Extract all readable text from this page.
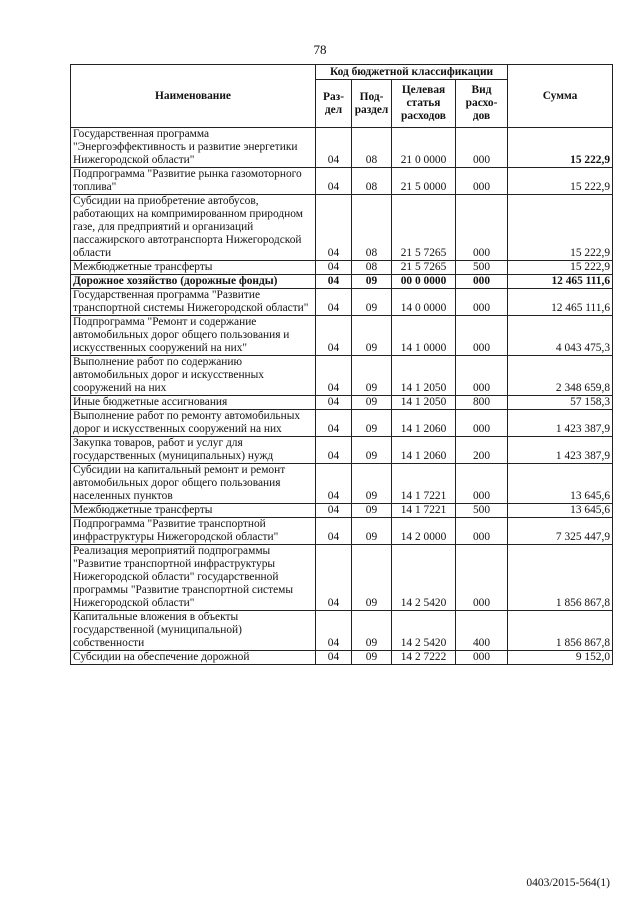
78
Наименование	Код бюджетной классификации				Сумма
	Раз-дел	Под-раздел	Целевая статья расходов	Вид расхо-дов	
Государственная программа "Энергоэффективность и развитие энергетики Нижегородской области"	04	08	21 0 0000	000	15 222,9
Подпрограмма "Развитие рынка газомоторного топлива"	04	08	21 5 0000	000	15 222,9
Субсидии на приобретение автобусов, работающих на компримированном природном газе, для предприятий и организаций пассажирского автотранспорта Нижегородской области	04	08	21 5 7265	000	15 222,9
Межбюджетные трансферты	04	08	21 5 7265	500	15 222,9
Дорожное хозяйство (дорожные фонды)	04	09	00 0 0000	000	12 465 111,6
Государственная программа "Развитие транспортной системы Нижегородской области"	04	09	14 0 0000	000	12 465 111,6
Подпрограмма "Ремонт и содержание автомобильных дорог общего пользования и искусственных сооружений на них"	04	09	14 1 0000	000	4 043 475,3
Выполнение работ по содержанию автомобильных дорог и искусственных сооружений на них	04	09	14 1 2050	000	2 348 659,8
Иные бюджетные ассигнования	04	09	14 1 2050	800	57 158,3
Выполнение работ по ремонту автомобильных дорог и искусственных сооружений на них	04	09	14 1 2060	000	1 423 387,9
Закупка товаров, работ и услуг для государственных (муниципальных) нужд	04	09	14 1 2060	200	1 423 387,9
Субсидии на капитальный ремонт и ремонт автомобильных дорог общего пользования населенных пунктов	04	09	14 1 7221	000	13 645,6
Межбюджетные трансферты	04	09	14 1 7221	500	13 645,6
Подпрограмма "Развитие транспортной инфраструктуры Нижегородской области"	04	09	14 2 0000	000	7 325 447,9
Реализация мероприятий подпрограммы "Развитие транспортной инфраструктуры Нижегородской области" государственной программы "Развитие транспортной системы Нижегородской области"	04	09	14 2 5420	000	1 856 867,8
Капитальные вложения в объекты государственной (муниципальной) собственности	04	09	14 2 5420	400	1 856 867,8
Субсидии на обеспечение дорожной	04	09	14 2 7222	000	9 152,0
0403/2015-564(1)
